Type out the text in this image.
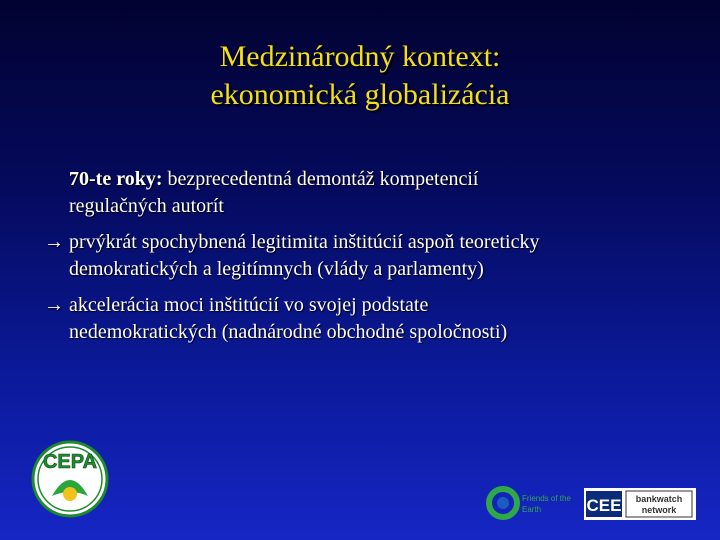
Medzinárodný kontext:
ekonomická globalizácia
70-te roky: bezprecedentná demontáž kompetencií
regulačných autorít
→ prvýkrát spochybnená legitimita inštitúcií aspoň teoreticky
demokratických a legitímnych (vlády a parlamenty)
→ akcelerácia moci inštitúcií vo svojej podstate
nedemokratických (nadnárodné obchodné spoločnosti)
CEPA
Friends of the
Earth	CEE bankwatch
network
